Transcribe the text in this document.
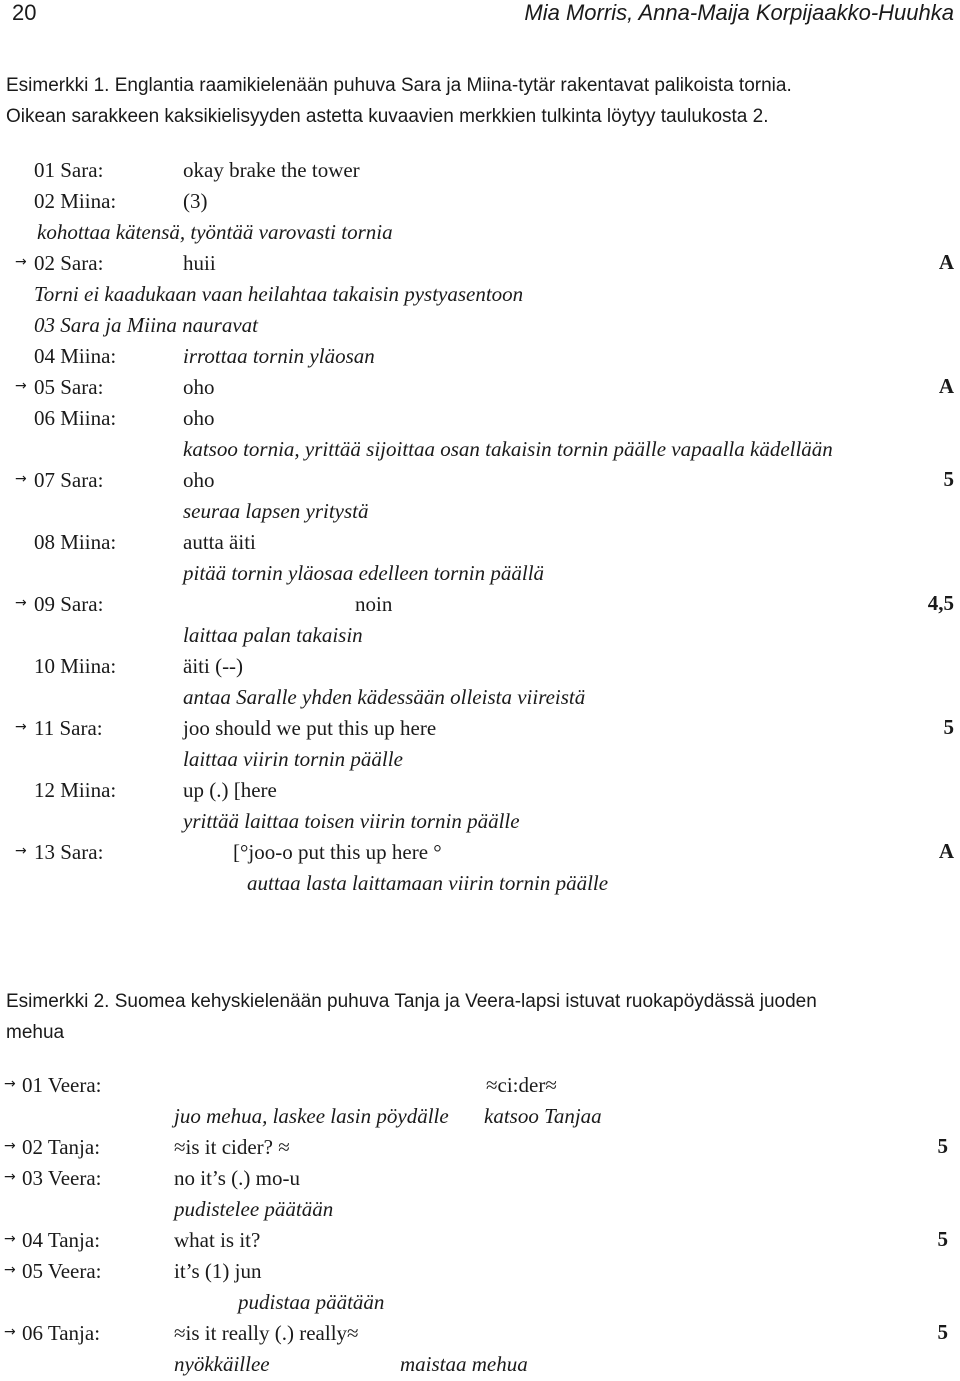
20	Mia Morris, Anna-Maija Korpijaakko-Huuhka
Esimerkki 1. Englantia raamikielenään puhuva Sara ja Miina-tytär rakentavat palikoista tornia.
Oikean sarakkeen kaksikielisyyden astetta kuvaavien merkkien tulkinta löytyy taulukosta 2.
01 Sara:	okay brake the tower
02 Miina:	(3)
kohottaa kätensä, työntää varovasti tornia
→ 02 Sara:	huii	A
Torni ei kaadukaan vaan heilahtaa takaisin pystyasentoon
03 Sara ja Miina nauravat
04 Miina:	irrottaa tornin yläosan
→ 05 Sara:	oho	A
06 Miina:	oho
katsoo tornia, yrittää sijoittaa osan takaisin tornin päälle vapaalla kädellään
→ 07 Sara:	oho	5
seuraa lapsen yritystä
08 Miina:	autta äiti
pitää tornin yläosaa edelleen tornin päällä
→ 09 Sara:	noin	4,5
laittaa palan takaisin
10 Miina:	äiti (--)
antaa Saralle yhden kädessään olleista viireistä
→ 11 Sara:	joo should we put this up here	5
laittaa viirin tornin päälle
12 Miina:	up (.) [here
yrittää laittaa toisen viirin tornin päälle
→ 13 Sara:	[°joo-o put this up here °	A
auttaa lasta laittamaan viirin tornin päälle
Esimerkki 2. Suomea kehyskielenään puhuva Tanja ja Veera-lapsi istuvat ruokapöydässä juoden
mehua
→ 01 Veera:	≈ci:der≈
juo mehua, laskee lasin pöydälle katsoo Tanjaa
→ 02 Tanja:	≈is it cider? ≈	5
→ 03 Veera:	no it’s (.) mo-u
pudistelee päätään
→ 04 Tanja:	what is it?	5
→ 05 Veera:	it’s (1) jun
pudistaa päätään
→ 06 Tanja:	≈is it really (.) really≈	5
nyökkäillee	maistaa mehua
